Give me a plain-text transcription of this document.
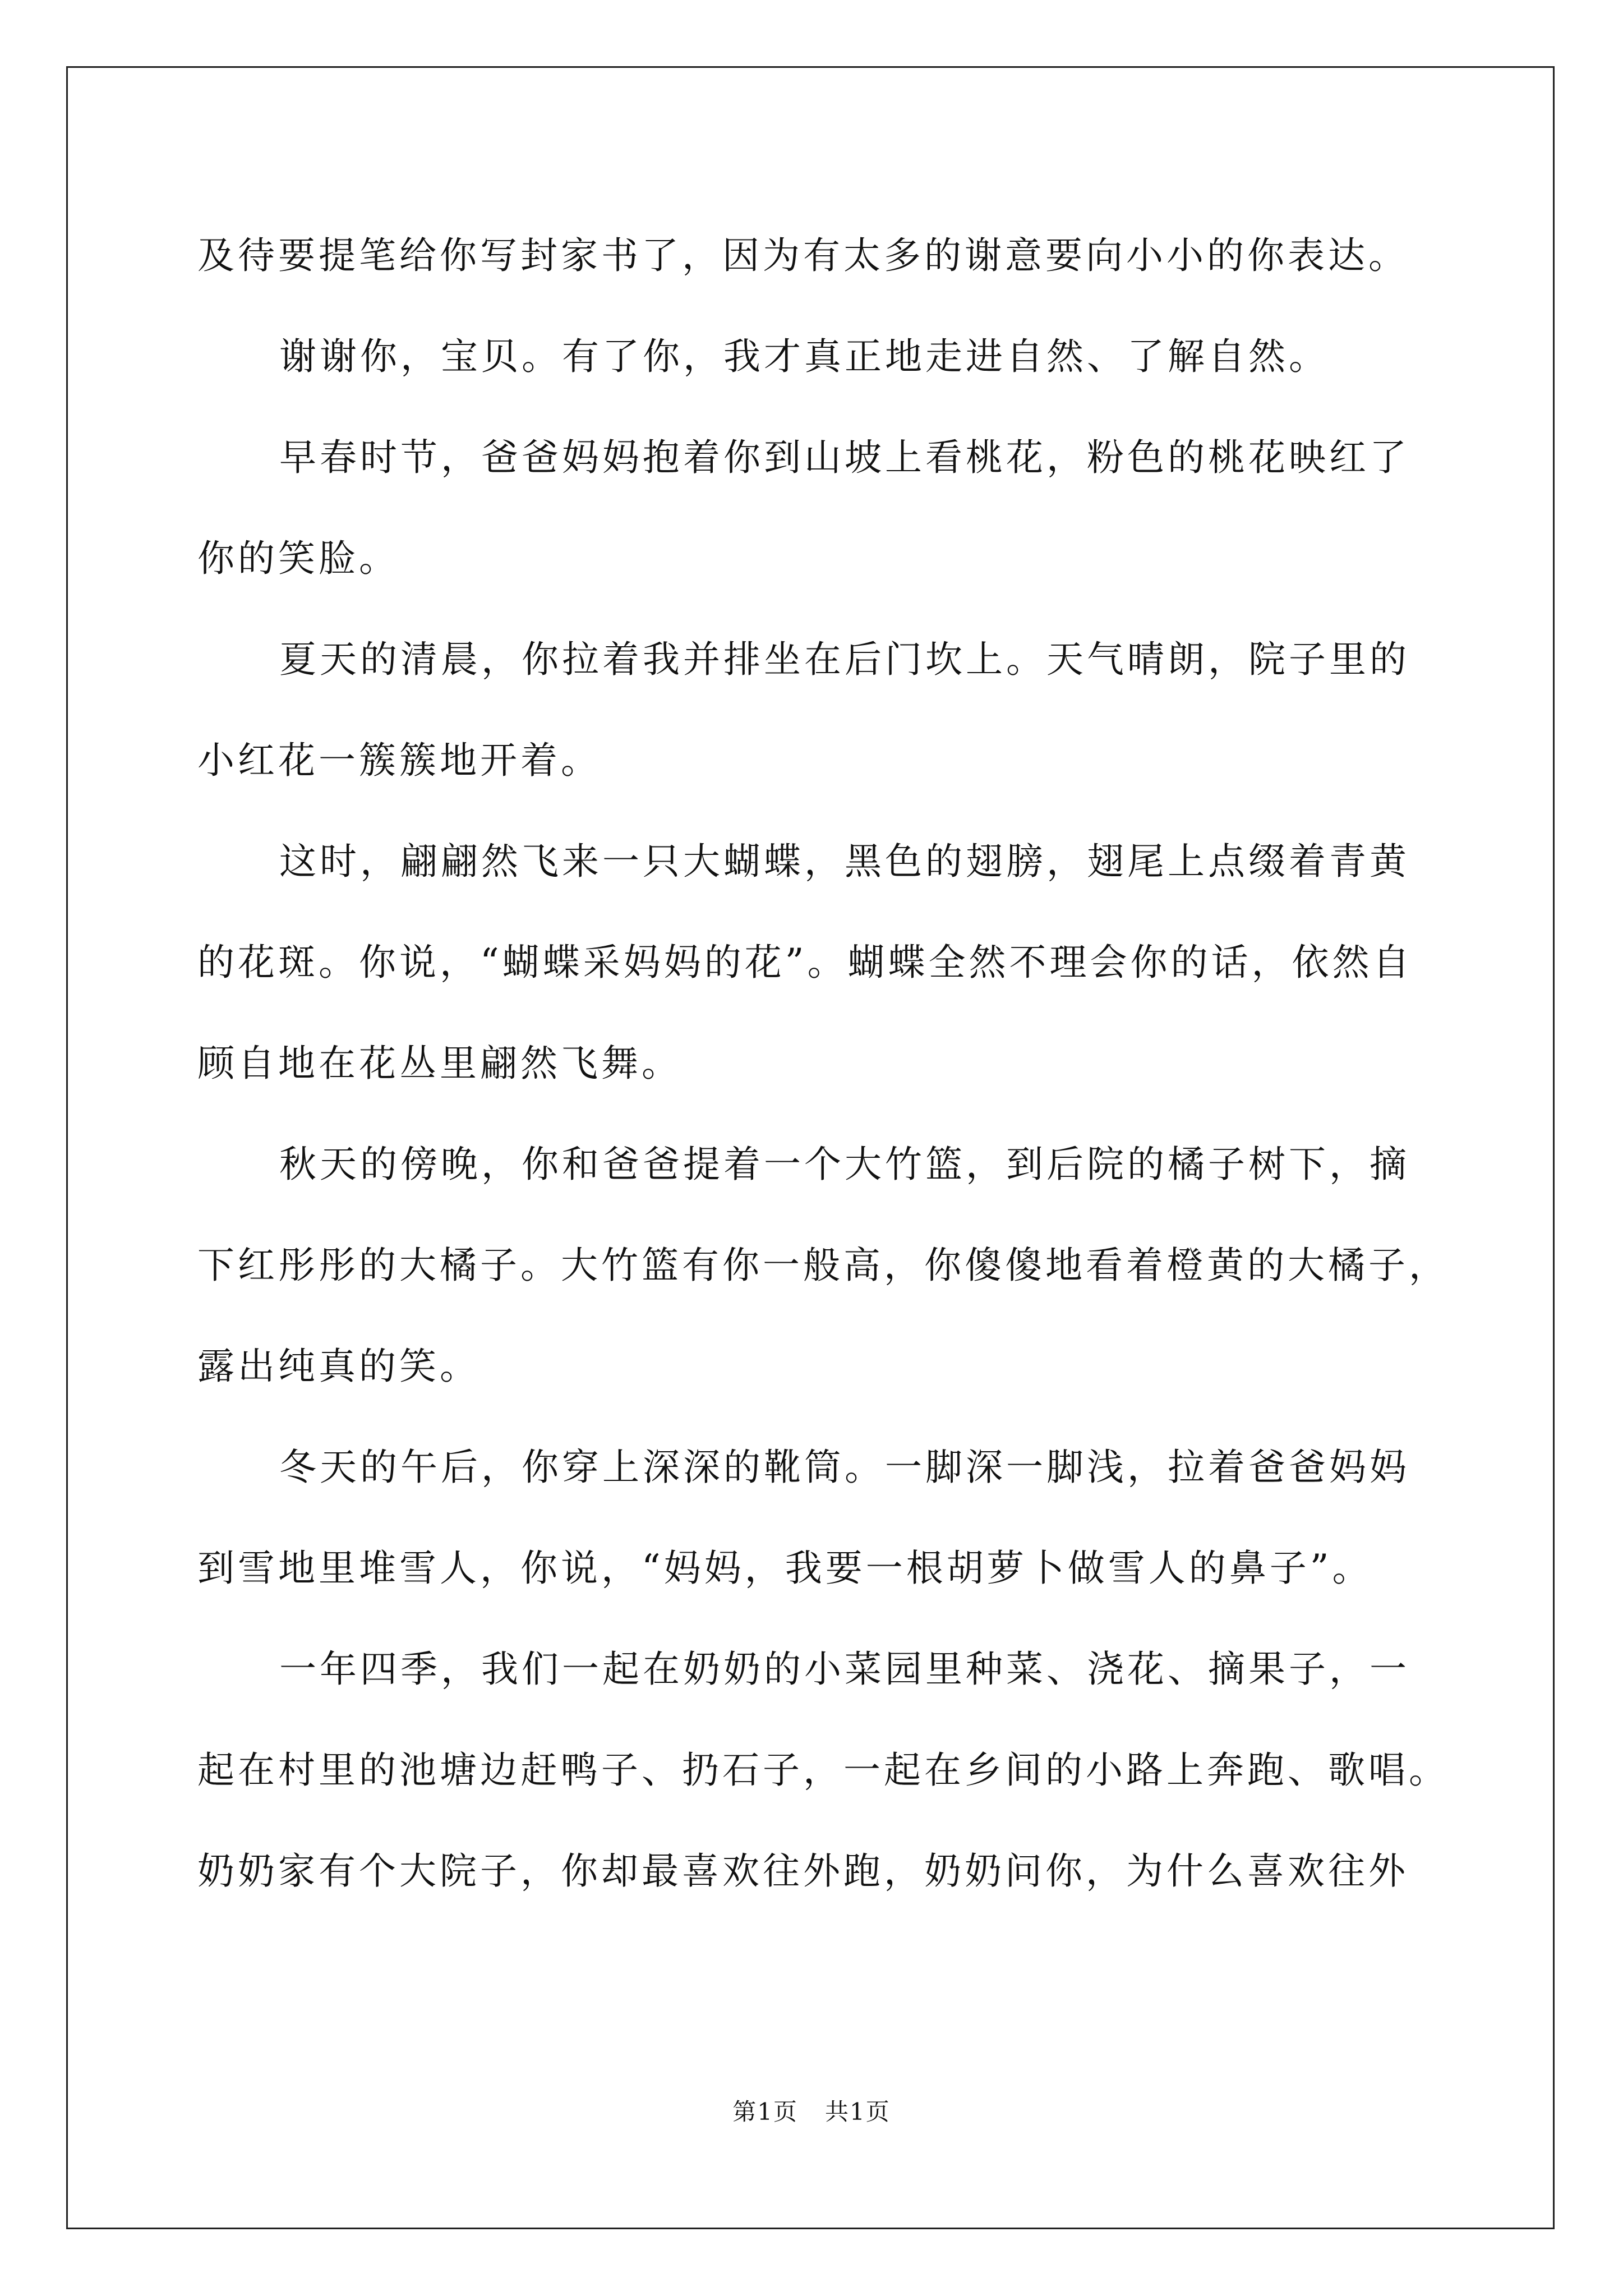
及待要提笔给你写封家书了，因为有太多的谢意要向小小的你表达。
谢谢你，宝贝。有了你，我才真正地走进自然、了解自然。
早春时节，爸爸妈妈抱着你到山坡上看桃花，粉色的桃花映红了
你的笑脸。
夏天的清晨，你拉着我并排坐在后门坎上。天气晴朗，院子里的
小红花一簇簇地开着。
这时，翩翩然飞来一只大蝴蝶，黑色的翅膀，翅尾上点缀着青黄
的花斑。你说，“蝴蝶采妈妈的花”。蝴蝶全然不理会你的话，依然自
顾自地在花丛里翩然飞舞。
秋天的傍晚，你和爸爸提着一个大竹篮，到后院的橘子树下，摘
下红彤彤的大橘子。大竹篮有你一般高，你傻傻地看着橙黄的大橘子，
露出纯真的笑。
冬天的午后，你穿上深深的靴筒。一脚深一脚浅，拉着爸爸妈妈
到雪地里堆雪人，你说，“妈妈，我要一根胡萝卜做雪人的鼻子”。
一年四季，我们一起在奶奶的小菜园里种菜、浇花、摘果子，一
起在村里的池塘边赶鸭子、扔石子，一起在乡间的小路上奔跑、歌唱。
奶奶家有个大院子，你却最喜欢往外跑，奶奶问你，为什么喜欢往外
第1页 共1页
